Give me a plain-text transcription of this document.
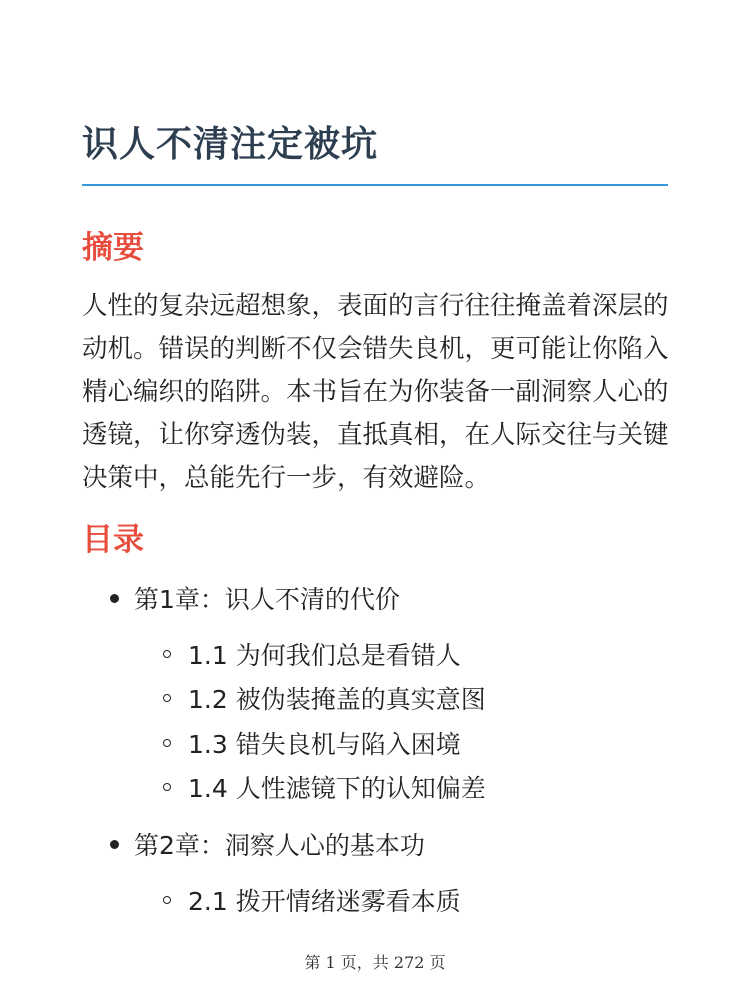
识人不清注定被坑
摘要

人性的复杂远超想象，表面的言行往往掩盖着深层的动机。错误的判断不仅会错失良机，更可能让你陷入精心编织的陷阱。本书旨在为你装备一副洞察人心的透镜，让你穿透伪装，直抵真相，在人际交往与关键决策中，总能先行一步，有效避险。

目录
第1章：识人不清的代价
1.1 为何我们总是看错人
1.2 被伪装掩盖的真实意图
1.3 错失良机与陷入困境
1.4 人性滤镜下的认知偏差
第2章：洞察人心的基本功
2.1 拨开情绪迷雾看本质
第 1 页，共 272 页
